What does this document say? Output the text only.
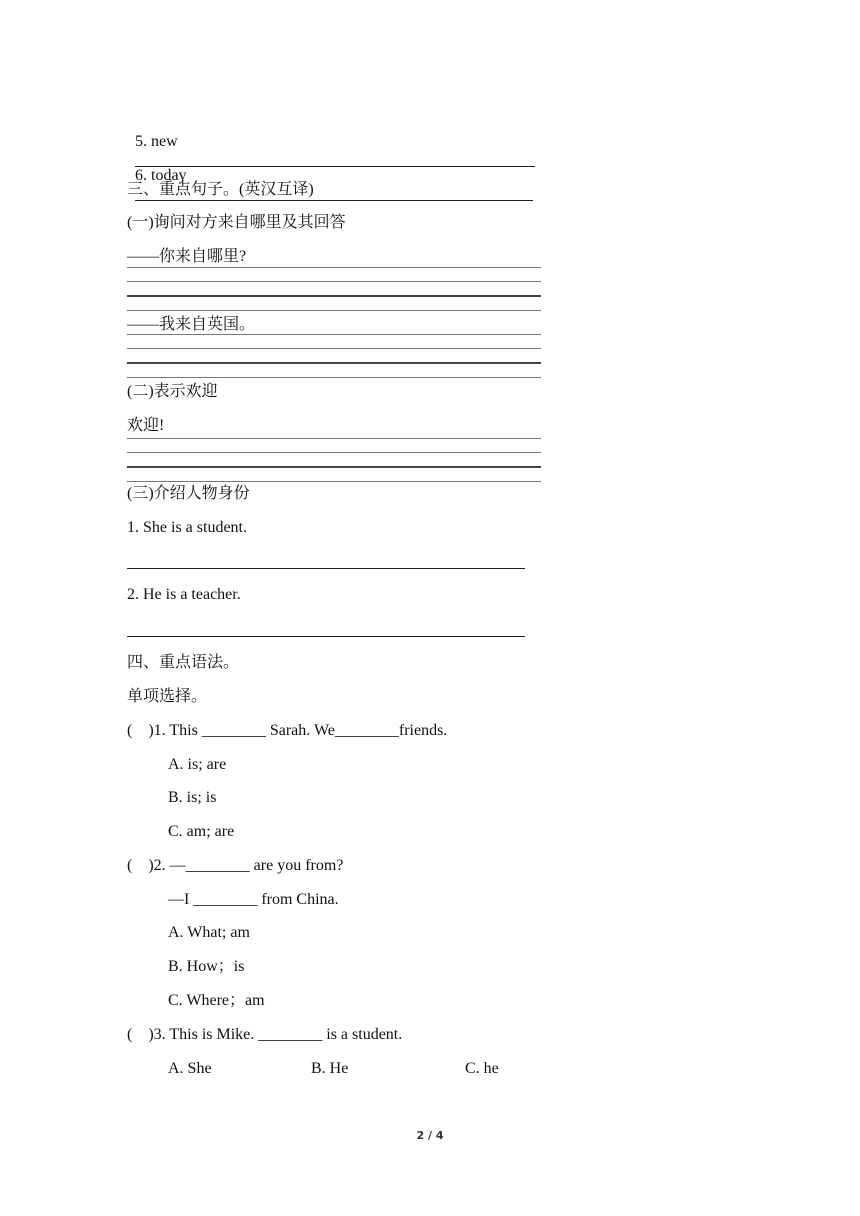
5. new

6. today

三、重点句子。(英汉互译)
(一)询问对方来自哪里及其回答
——你来自哪里?
——我来自英国。
(二)表示欢迎
欢迎!
(三)介绍人物身份
1. She is a student.
2. He is a teacher.
四、重点语法。
单项选择。
(    )1. This ________ Sarah. We________friends.
A. is; are
B. is; is
C. am; are
(    )2. —________ are you from?
—I ________ from China.
A. What; am
B. How；is
C. Where；am
(    )3. This is Mike. ________ is a student.
A. She	B. He	C. he
2 / 4
